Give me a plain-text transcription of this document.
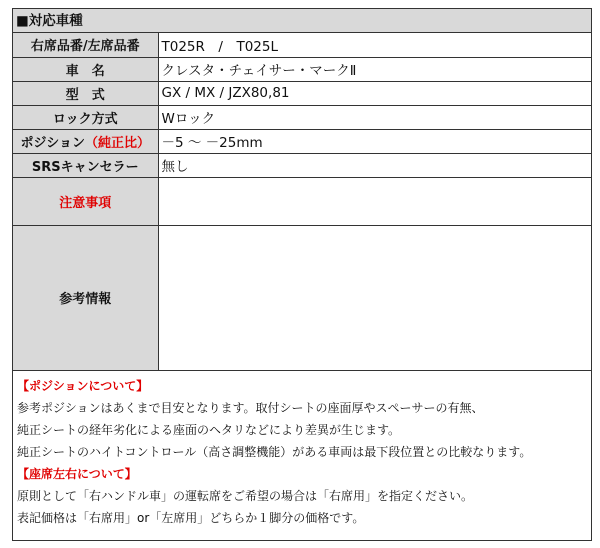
■対応車種
右席品番/左席品番	T025R　/　T025L
車　名	クレスタ・チェイサー・マークⅡ
型　式	GX / MX / JZX80,81
ロック方式	Wロック
ポジション（純正比）	－5 ～ －25mm
SRSキャンセラー	無し
注意事項	
参考情報	

【ポジションについて】

参考ポジションはあくまで目安となります。取付シートの座面厚やスペーサーの有無、

純正シートの経年劣化による座面のヘタリなどにより差異が生じます。

純正シートのハイトコントロール（高さ調整機能）がある車両は最下段位置との比較なります。

【座席左右について】

原則として「右ハンドル車」の運転席をご希望の場合は「右席用」を指定ください。

表記価格は「右席用」or「左席用」どちらか１脚分の価格です。
